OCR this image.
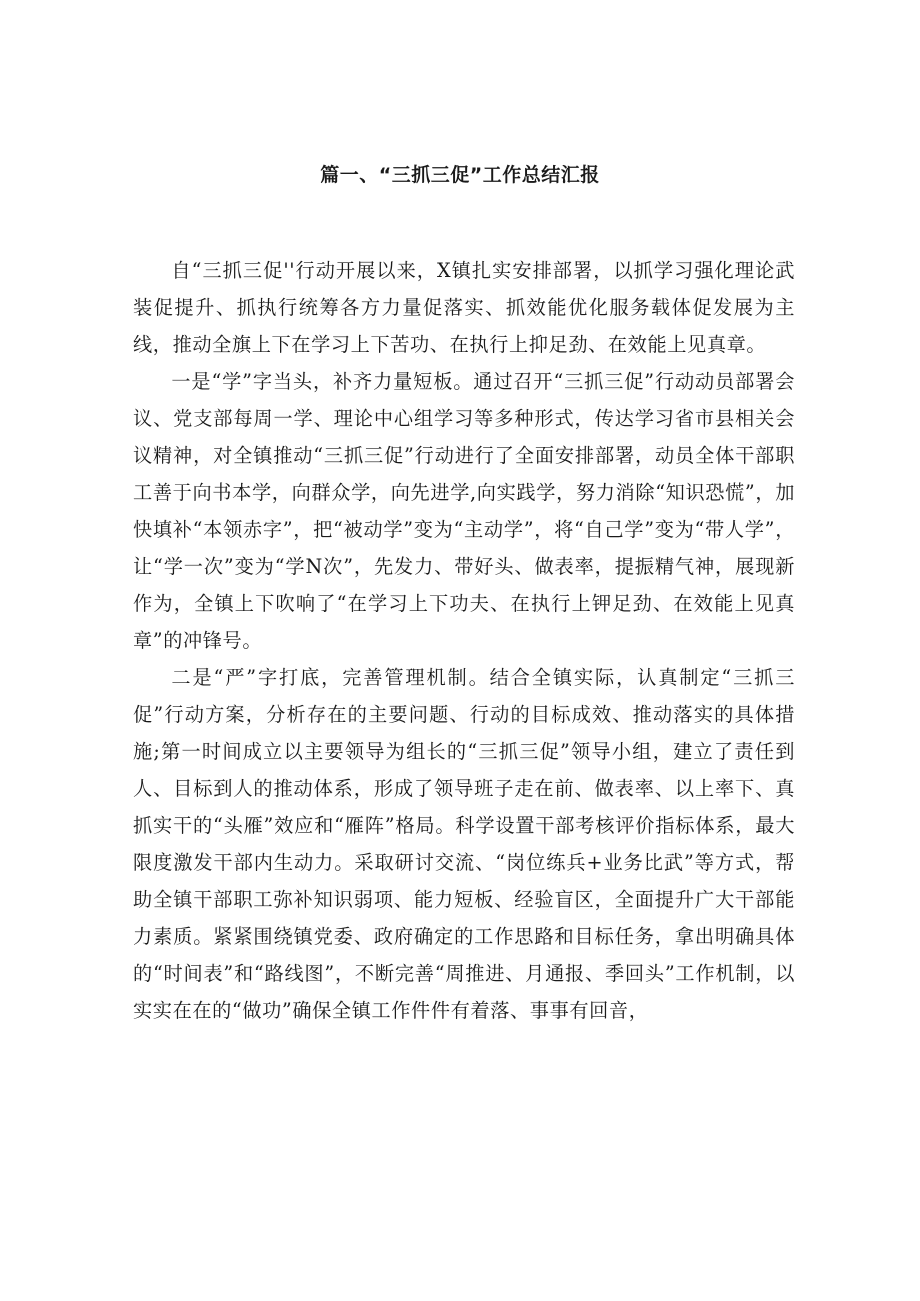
篇一、“三抓三促”工作总结汇报

自“三抓三促''行动开展以来，X镇扎实安排部署，以抓学习强化理论武装促提升、抓执行统筹各方力量促落实、抓效能优化服务载体促发展为主线，推动全旗上下在学习上下苦功、在执行上抑足劲、在效能上见真章。

一是“学”字当头，补齐力量短板。通过召开“三抓三促”行动动员部署会议、党支部每周一学、理论中心组学习等多种形式，传达学习省市县相关会议精神，对全镇推动“三抓三促”行动进行了全面安排部署，动员全体干部职工善于向书本学，向群众学，向先进学,向实践学，努力消除“知识恐慌”，加快填补“本领赤字”，把“被动学”变为“主动学”，将“自己学”变为“带人学”，让“学一次”变为“学N次”，先发力、带好头、做表率，提振精气神，展现新作为，全镇上下吹响了“在学习上下功夫、在执行上钾足劲、在效能上见真章”的冲锋号。

二是“严”字打底，完善管理机制。结合全镇实际，认真制定“三抓三促”行动方案，分析存在的主要问题、行动的目标成效、推动落实的具体措施;第一时间成立以主要领导为组长的“三抓三促”领导小组，建立了责任到人、目标到人的推动体系，形成了领导班子走在前、做表率、以上率下、真抓实干的“头雁”效应和“雁阵”格局。科学设置干部考核评价指标体系，最大限度激发干部内生动力。采取研讨交流、“岗位练兵+业务比武”等方式，帮助全镇干部职工弥补知识弱项、能力短板、经验盲区，全面提升广大干部能力素质。紧紧围绕镇党委、政府确定的工作思路和目标任务，拿出明确具体的“时间表”和“路线图”，不断完善“周推进、月通报、季回头”工作机制，以实实在在的“做功”确保全镇工作件件有着落、事事有回音，
